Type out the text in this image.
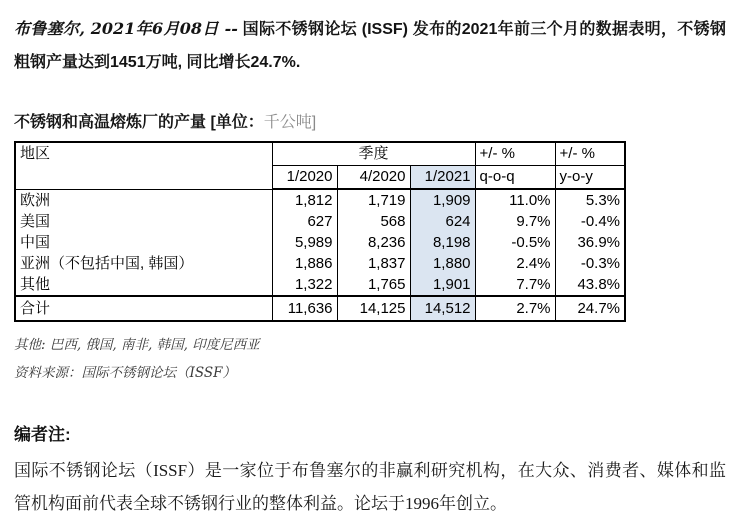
布鲁塞尔, 2021年6月08日 -- 国际不锈钢论坛 (ISSF) 发布的2021年前三个月的数据表明，不锈钢粗钢产量达到1451万吨, 同比增长24.7%.

不锈钢和高温熔炼厂的产量 [单位：千公吨]
地区	季度			+/- %	+/- %
	1/2020	4/2020	1/2021	q-o-q	y-o-y
欧洲	1,812	1,719	1,909	11.0%	5.3%
美国	627	568	624	9.7%	-0.4%
中国	5,989	8,236	8,198	-0.5%	36.9%
亚洲（不包括中国, 韩国）	1,886	1,837	1,880	2.4%	-0.3%
其他	1,322	1,765	1,901	7.7%	43.8%
合计	11,636	14,125	14,512	2.7%	24.7%

其他: 巴西, 俄国, 南非, 韩国, 印度尼西亚

资料来源：国际不锈钢论坛（ISSF）

编者注:

国际不锈钢论坛（ISSF）是一家位于布鲁塞尔的非赢利研究机构，在大众、消费者、媒体和监管机构面前代表全球不锈钢行业的整体利益。论坛于1996年创立。
